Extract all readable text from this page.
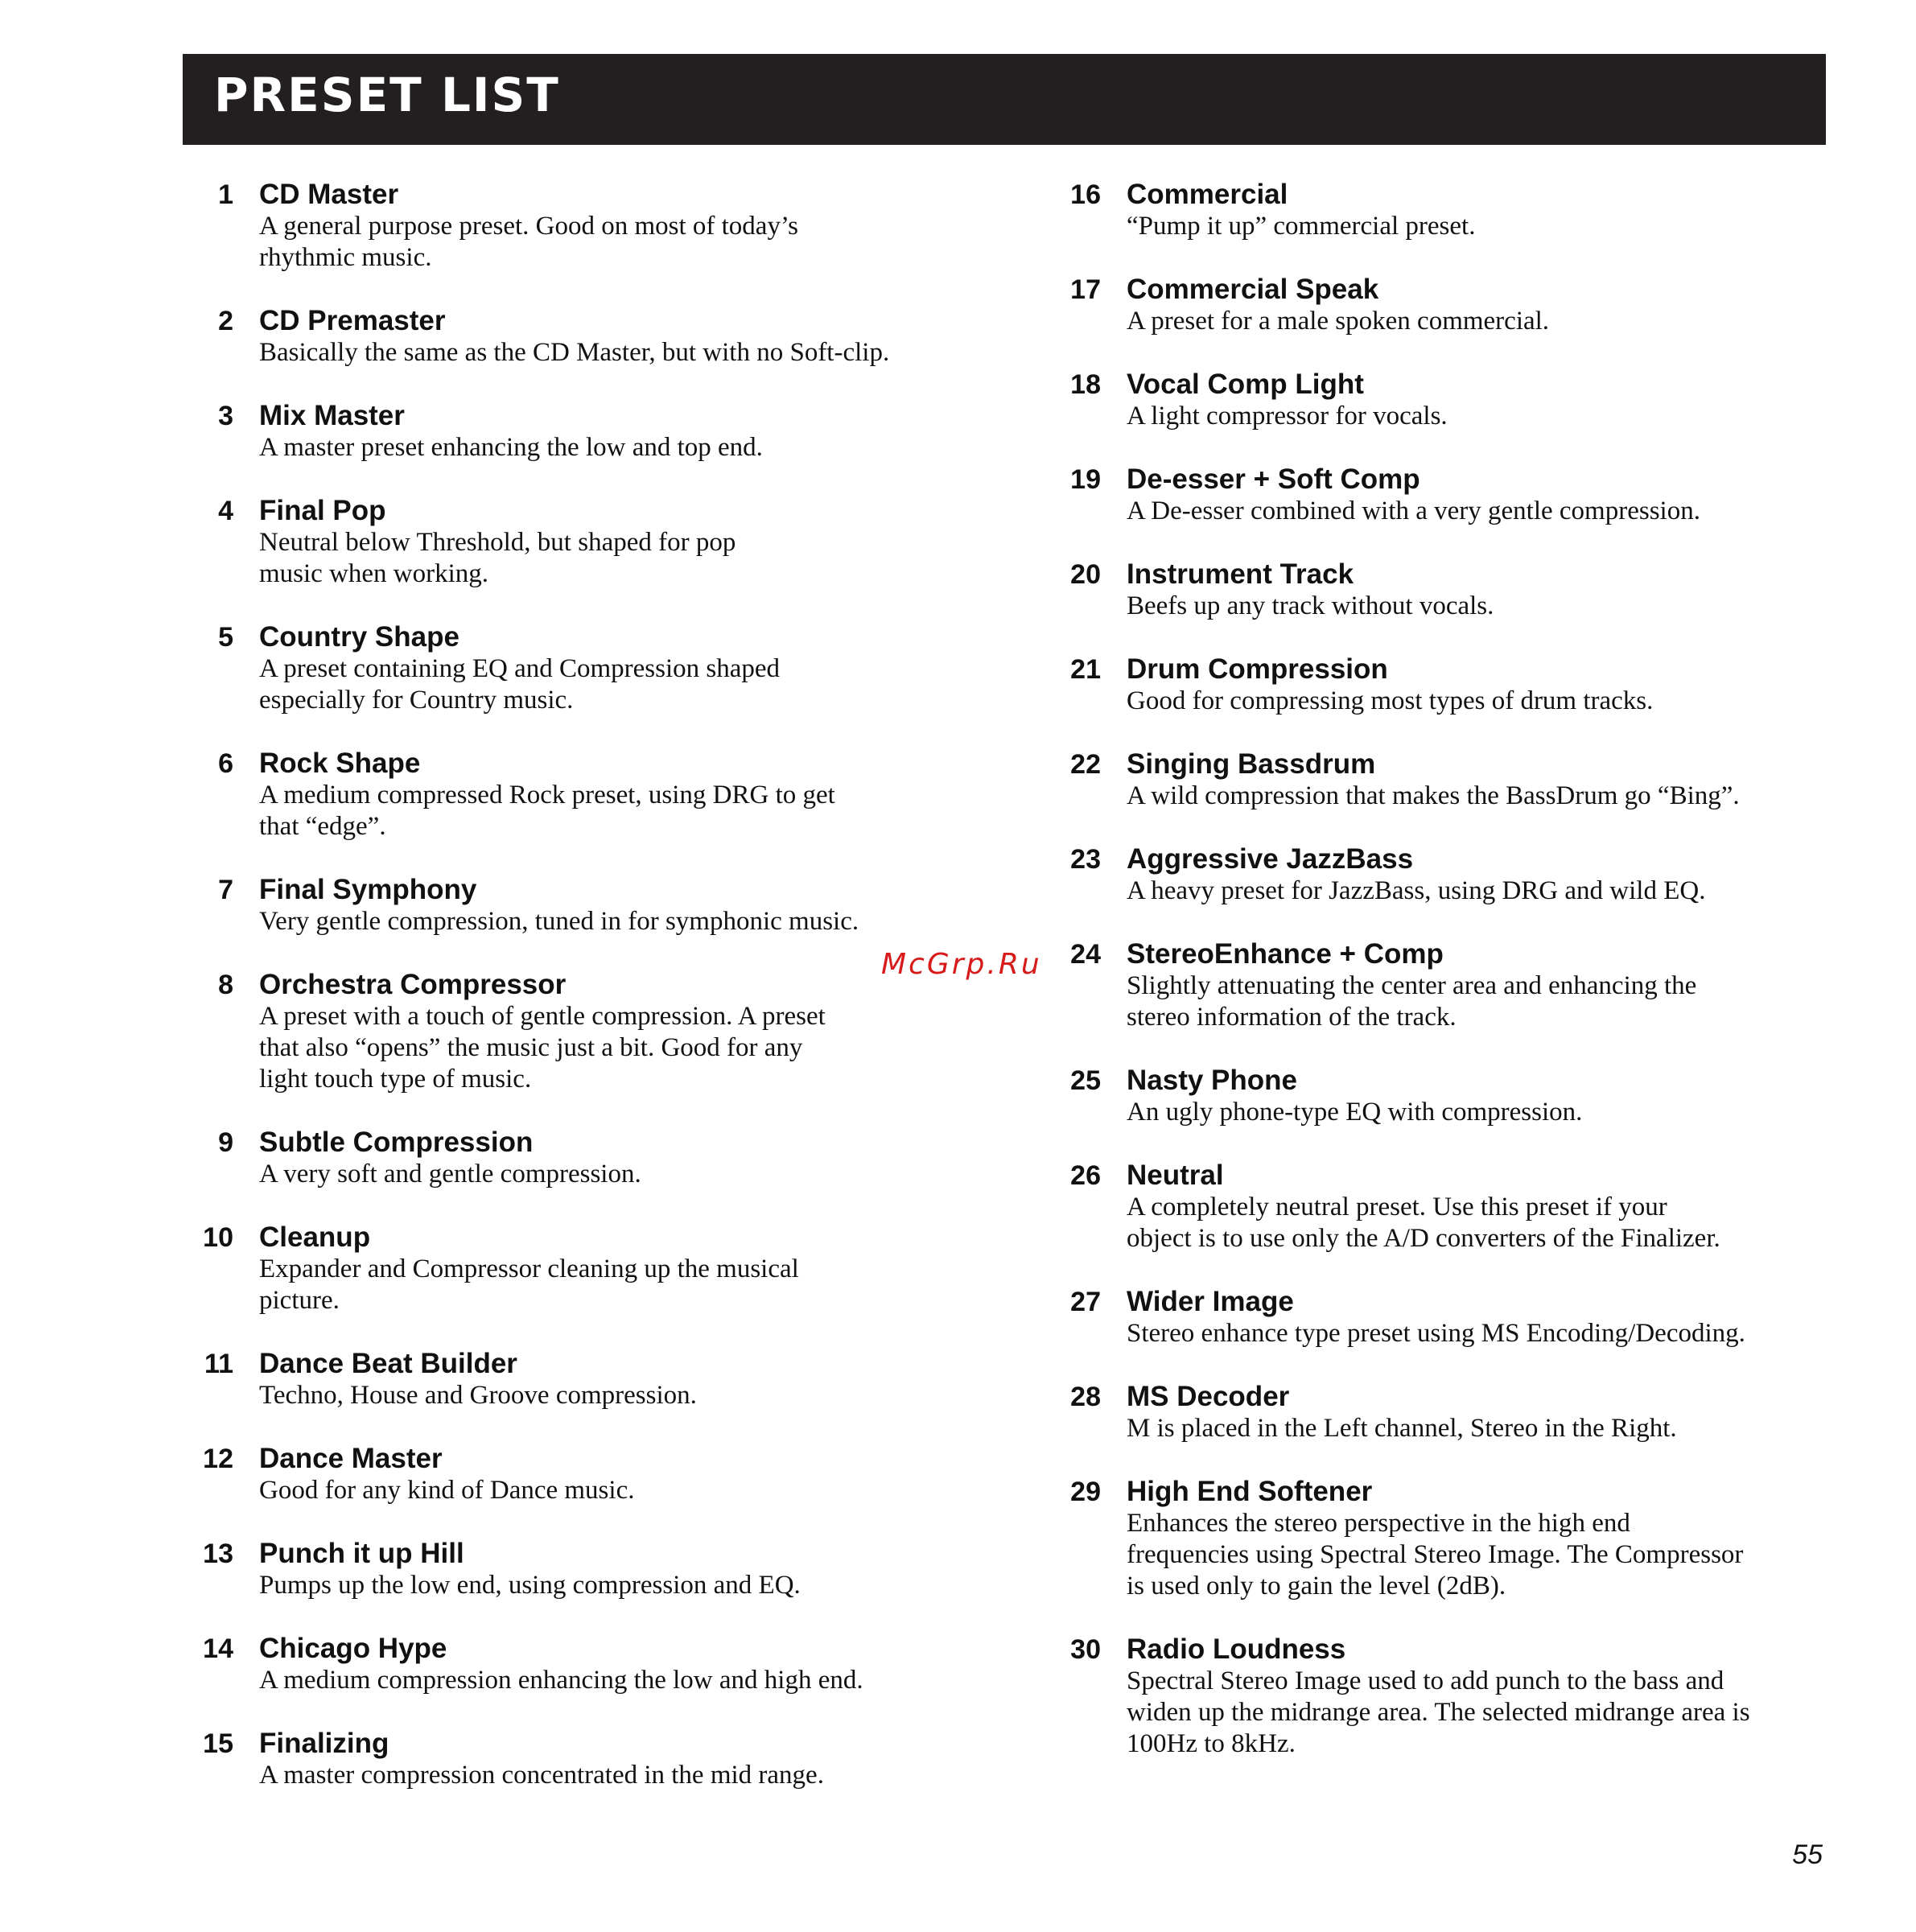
PRESET LIST
1 CD Master
A general purpose preset. Good on most of today’s
rhythmic music.
2 CD Premaster
Basically the same as the CD Master, but with no Soft-clip.
3 Mix Master
A master preset enhancing the low and top end.
4 Final Pop
Neutral below Threshold, but shaped for pop
music when working.
5 Country Shape
A preset containing EQ and Compression shaped
especially for Country music.
6 Rock Shape
A medium compressed Rock preset, using DRG to get
that “edge”.
7 Final Symphony
Very gentle compression, tuned in for symphonic music.
8 Orchestra Compressor
A preset with a touch of gentle compression. A preset
that also “opens” the music just a bit. Good for any
light touch type of music.
9 Subtle Compression
A very soft and gentle compression.
10 Cleanup
Expander and Compressor cleaning up the musical
picture.
11 Dance Beat Builder
Techno, House and Groove compression.
12 Dance Master
Good for any kind of Dance music.
13 Punch it up Hill
Pumps up the low end, using compression and EQ.
14 Chicago Hype
A medium compression enhancing the low and high end.
15 Finalizing
A master compression concentrated in the mid range.
16 Commercial
“Pump it up” commercial preset.
17 Commercial Speak
A preset for a male spoken commercial.
18 Vocal Comp Light
A light compressor for vocals.
19 De-esser + Soft Comp
A De-esser combined with a very gentle compression.
20 Instrument Track
Beefs up any track without vocals.
21 Drum Compression
Good for compressing most types of drum tracks.
22 Singing Bassdrum
A wild compression that makes the BassDrum go “Bing”.
23 Aggressive JazzBass
A heavy preset for JazzBass, using DRG and wild EQ.
24 StereoEnhance + Comp
Slightly attenuating the center area and enhancing the
stereo information of the track.
25 Nasty Phone
An ugly phone-type EQ with compression.
26 Neutral
A completely neutral preset. Use this preset if your
object is to use only the A/D converters of the Finalizer.
27 Wider Image
Stereo enhance type preset using MS Encoding/Decoding.
28 MS Decoder
M is placed in the Left channel, Stereo in the Right.
29 High End Softener
Enhances the stereo perspective in the high end
frequencies using Spectral Stereo Image. The Compressor
is used only to gain the level (2dB).
30 Radio Loudness
Spectral Stereo Image used to add punch to the bass and
widen up the midrange area. The selected midrange area is
100Hz to 8kHz.
McGrp.Ru
55
